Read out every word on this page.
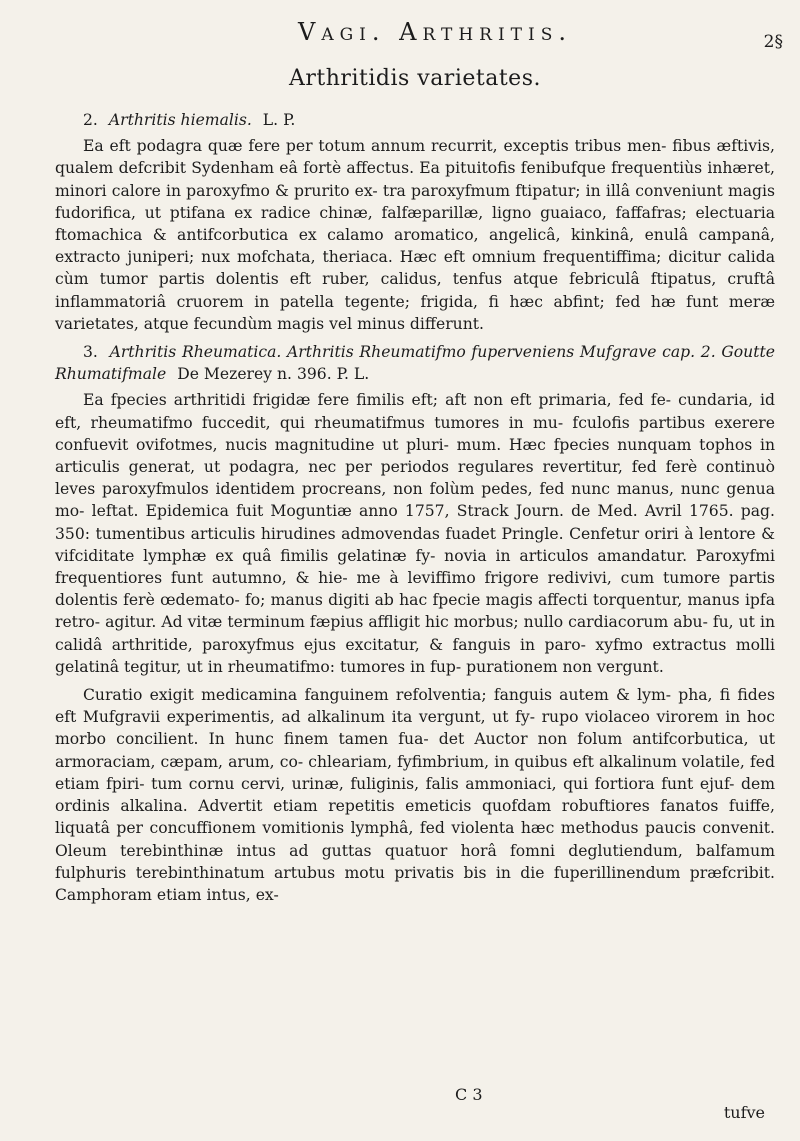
Vagi. Arthritis.	2§
Arthritidis varietates.

2. Arthritis hiemalis. L. P.

Ea eft podagra quæ fere per totum annum recurrit, exceptis tribus men- fibus æftivis, qualem defcribit Sydenham eâ fortè affectus. Ea pituitofis fenibufque frequentiùs inhæret, minori calore in paroxyfmo & prurito ex- tra paroxyfmum ftipatur; in illâ conveniunt magis fudorifica, ut ptifana ex radice chinæ, falfæparillæ, ligno guaiaco, faffafras; electuaria ftomachica & antifcorbutica ex calamo aromatico, angelicâ, kinkinâ, enulâ campanâ, extracto juniperi; nux mofchata, theriaca. Hæc eft omnium frequentiffima; dicitur calida cùm tumor partis dolentis eft ruber, calidus, tenfus atque febriculâ ftipatus, cruftâ inflammatoriâ cruorem in patella tegente; frigida, fi hæc abfint; fed hæ funt meræ varietates, atque fecundùm magis vel minus differunt.

3. Arthritis Rheumatica. Arthritis Rheumatifmo fuperveniens Mufgrave cap. 2. Goutte Rhumatifmale De Mezerey n. 396. P. L.

Ea fpecies arthritidi frigidæ fere fimilis eft; aft non eft primaria, fed fe- cundaria, id eft, rheumatifmo fuccedit, qui rheumatifmus tumores in mu- fculofis partibus exerere confuevit ovifotmes, nucis magnitudine ut pluri- mum. Hæc fpecies nunquam tophos in articulis generat, ut podagra, nec per periodos regulares revertitur, fed ferè continuò leves paroxyfmulos identidem procreans, non folùm pedes, fed nunc manus, nunc genua mo- leftat. Epidemica fuit Moguntiæ anno 1757, Strack Journ. de Med. Avril 1765. pag. 350: tumentibus articulis hirudines admovendas fuadet Pringle. Cenfetur oriri à lentore & vifciditate lymphæ ex quâ fimilis gelatinæ fy- novia in articulos amandatur. Paroxyfmi frequentiores funt autumno, & hie- me à leviffimo frigore redivivi, cum tumore partis dolentis ferè œdemato- fo; manus digiti ab hac fpecie magis affecti torquentur, manus ipfa retro- agitur. Ad vitæ terminum fæpius affligit hic morbus; nullo cardiacorum abu- fu, ut in calidâ arthritide, paroxyfmus ejus excitatur, & fanguis in paro- xyfmo extractus molli gelatinâ tegitur, ut in rheumatifmo: tumores in fup- purationem non vergunt.

Curatio exigit medicamina fanguinem refolventia; fanguis autem & lym- pha, fi fides eft Mufgravii experimentis, ad alkalinum ita vergunt, ut fy- rupo violaceo virorem in hoc morbo concilient. In hunc finem tamen fua- det Auctor non folum antifcorbutica, ut armoraciam, cæpam, arum, co- chleariam, fyfimbrium, in quibus eft alkalinum volatile, fed etiam fpiri- tum cornu cervi, urinæ, fuliginis, falis ammoniaci, qui fortiora funt ejuf- dem ordinis alkalina. Advertit etiam repetitis emeticis quofdam robuftiores fanatos fuiffe, liquatâ per concuffionem vomitionis lymphâ, fed violenta hæc methodus paucis convenit. Oleum terebinthinæ intus ad guttas quatuor horâ fomni deglutiendum, balfamum fulphuris terebinthinatum artubus motu privatis bis in die fuperillinendum præfcribit. Camphoram etiam intus, ex-

C 3
tufve
